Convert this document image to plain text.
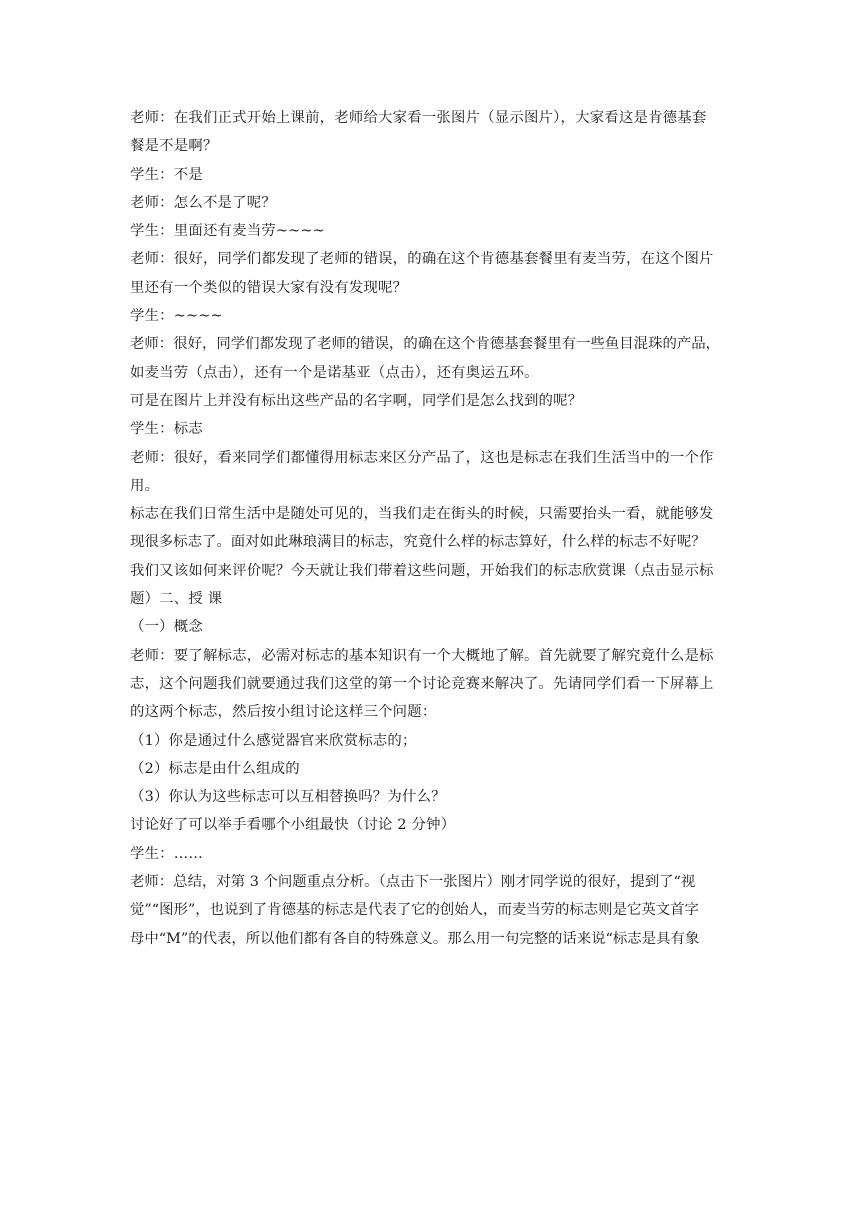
老师：在我们正式开始上课前，老师给大家看一张图片（显示图片），大家看这是肯德基套
餐是不是啊？
学生：不是
老师：怎么不是了呢？
学生：里面还有麦当劳~~~~
老师：很好，同学们都发现了老师的错误，的确在这个肯德基套餐里有麦当劳，在这个图片
里还有一个类似的错误大家有没有发现呢？
学生：~~~~
老师：很好，同学们都发现了老师的错误，的确在这个肯德基套餐里有一些鱼目混珠的产品，
如麦当劳（点击），还有一个是诺基亚（点击），还有奥运五环。
可是在图片上并没有标出这些产品的名字啊，同学们是怎么找到的呢？
学生：标志
老师：很好，看来同学们都懂得用标志来区分产品了，这也是标志在我们生活当中的一个作
用。
标志在我们日常生活中是随处可见的，当我们走在街头的时候，只需要抬头一看，就能够发
现很多标志了。面对如此琳琅满目的标志，究竟什么样的标志算好，什么样的标志不好呢？
我们又该如何来评价呢？今天就让我们带着这些问题，开始我们的标志欣赏课（点击显示标
题）二、授 课
（一）概念
老师：要了解标志，必需对标志的基本知识有一个大概地了解。首先就要了解究竟什么是标
志，这个问题我们就要通过我们这堂的第一个讨论竞赛来解决了。先请同学们看一下屏幕上
的这两个标志，然后按小组讨论这样三个问题：
（1）你是通过什么感觉器官来欣赏标志的；
（2）标志是由什么组成的
（3）你认为这些标志可以互相替换吗？为什么？
讨论好了可以举手看哪个小组最快（讨论 2 分钟）
学生：……
老师：总结，对第 3 个问题重点分析。（点击下一张图片）刚才同学说的很好，提到了“视
觉”“图形”，也说到了肯德基的标志是代表了它的创始人，而麦当劳的标志则是它英文首字
母中“M”的代表，所以他们都有各自的特殊意义。那么用一句完整的话来说“标志是具有象
